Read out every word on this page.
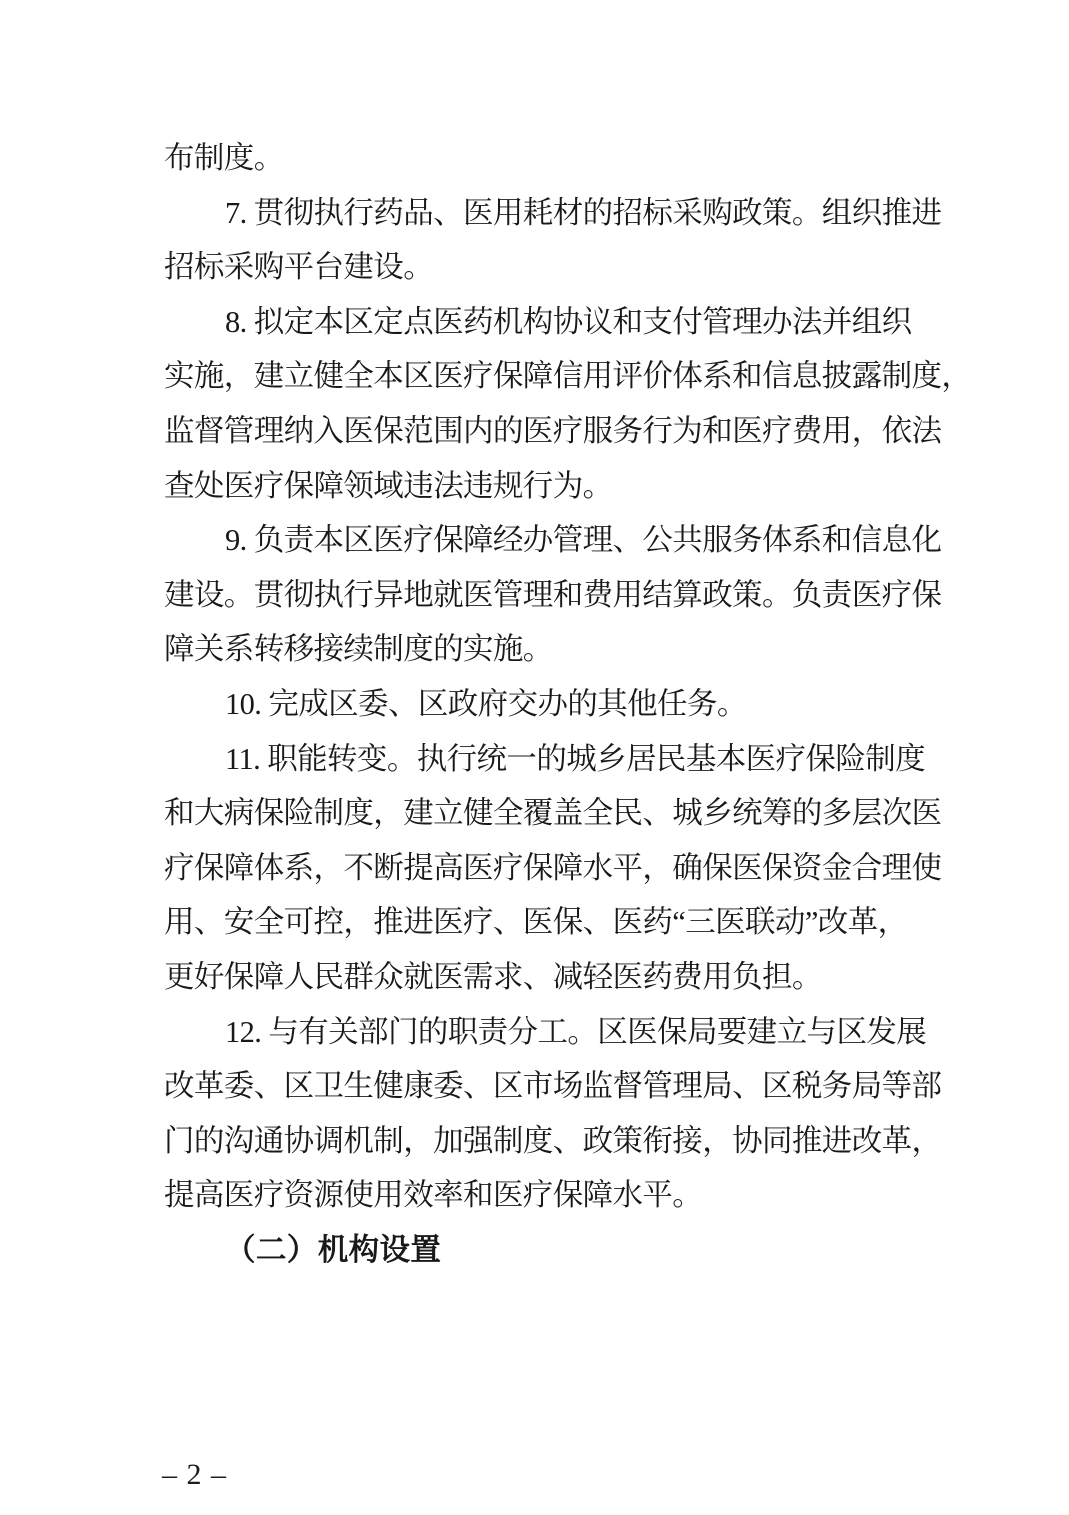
布制度。
7. 贯彻执行药品、医用耗材的招标采购政策。组织推进
招标采购平台建设。
8. 拟定本区定点医药机构协议和支付管理办法并组织
实施，建立健全本区医疗保障信用评价体系和信息披露制度，
监督管理纳入医保范围内的医疗服务行为和医疗费用，依法
查处医疗保障领域违法违规行为。
9. 负责本区医疗保障经办管理、公共服务体系和信息化
建设。贯彻执行异地就医管理和费用结算政策。负责医疗保
障关系转移接续制度的实施。
10. 完成区委、区政府交办的其他任务。
11. 职能转变。执行统一的城乡居民基本医疗保险制度
和大病保险制度，建立健全覆盖全民、城乡统筹的多层次医
疗保障体系，不断提高医疗保障水平，确保医保资金合理使
用、安全可控，推进医疗、医保、医药“三医联动”改革，
更好保障人民群众就医需求、减轻医药费用负担。
12. 与有关部门的职责分工。区医保局要建立与区发展
改革委、区卫生健康委、区市场监督管理局、区税务局等部
门的沟通协调机制，加强制度、政策衔接，协同推进改革，
提高医疗资源使用效率和医疗保障水平。
（二）机构设置
– 2 –
